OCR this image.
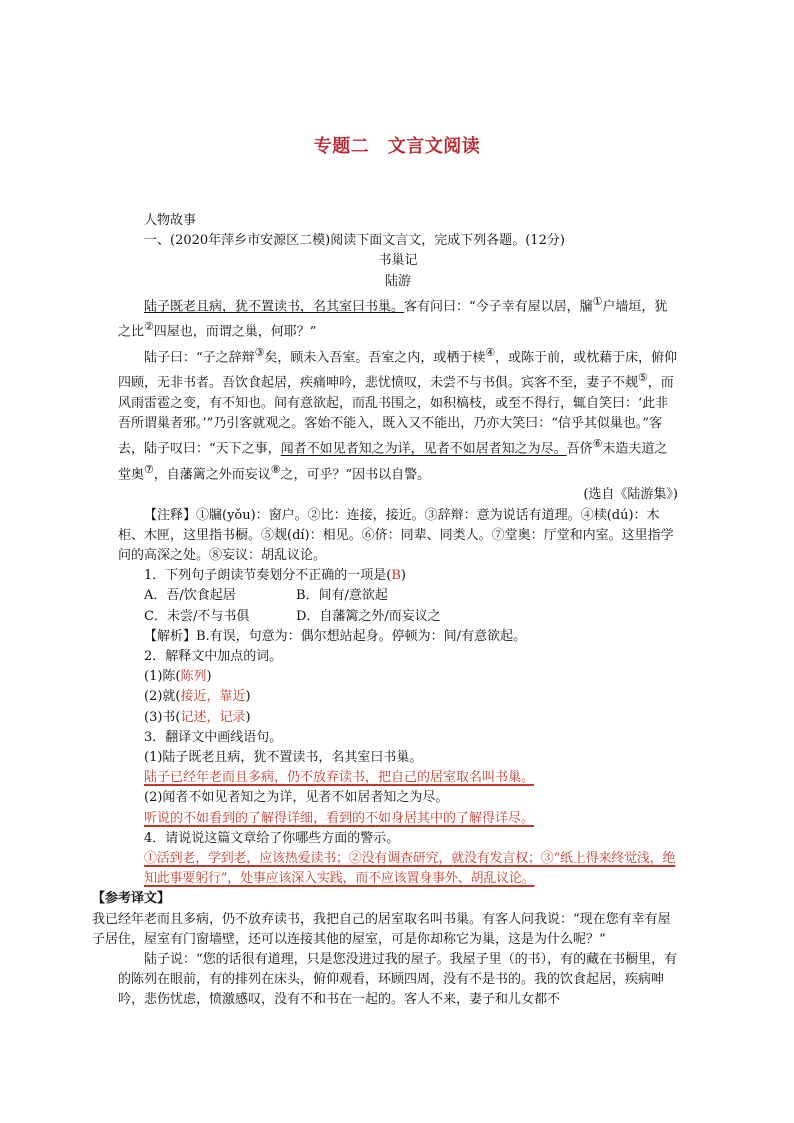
专题二　文言文阅读

人物故事

一、(2020年萍乡市安源区二模)阅读下面文言文，完成下列各题。(12分)

书巢记

陆游

陆子既老且病，犹不置读书，名其室曰书巢。客有问曰：“今子幸有屋以居，牖①户墙垣，犹之比②四屋也，而谓之巢，何耶？”

陆子曰：“子之辞辩③矣，顾未入吾室。吾室之内，或栖于椟④，或陈于前，或枕藉于床，俯仰四顾，无非书者。吾饮食起居，疾痛呻吟，悲忧愤叹，未尝不与书俱。宾客不至，妻子不觌⑤，而风雨雷雹之变，有不知也。间有意欲起，而乱书围之，如积槁枝，或至不得行，辄自笑曰：‘此非吾所谓巢者邪。’”乃引客就观之。客始不能入，既入又不能出，乃亦大笑曰：“信乎其似巢也。”客去，陆子叹曰：“天下之事，闻者不如见者知之为详，见者不如居者知之为尽。吾侪⑥未造夫道之堂奥⑦，自藩篱之外而妄议⑧之，可乎？”因书以自警。

(选自《陆游集》)

【注释】①牖(yǒu)：窗户。②比：连接，接近。③辞辩：意为说话有道理。④椟(dú)：木柜、木匣，这里指书橱。⑤觌(dí)：相见。⑥侪：同辈、同类人。⑦堂奥：厅堂和内室。这里指学问的高深之处。⑧妄议：胡乱议论。

1．下列句子朗读节奏划分不正确的一项是(B)

A．吾/饮食起居	B．间有/意欲起
C．未尝/不与书俱	D．自藩篱之外/而妄议之

【解析】B.有误，句意为：偶尔想站起身。停顿为：间/有意欲起。

2．解释文中加点的词。

(1)陈(陈列)

(2)就(接近，靠近)

(3)书(记述，记录)

3．翻译文中画线语句。

(1)陆子既老且病，犹不置读书，名其室曰书巢。

陆子已经年老而且多病，仍不放弃读书，把自己的居室取名叫书巢。

(2)闻者不如见者知之为详，见者不如居者知之为尽。

听说的不如看到的了解得详细，看到的不如身居其中的了解得详尽。

4．请说说这篇文章给了你哪些方面的警示。

①活到老，学到老，应该热爱读书；②没有调查研究，就没有发言权；③“纸上得来终觉浅，绝知此事要躬行”，处事应该深入实践，而不应该置身事外、胡乱议论。

【参考译文】

我已经年老而且多病，仍不放弃读书，我把自己的居室取名叫书巢。有客人问我说：“现在您有幸有屋子居住，屋室有门窗墙壁，还可以连接其他的屋室，可是你却称它为巢，这是为什么呢？”

陆子说：“您的话很有道理，只是您没进过我的屋子。我屋子里（的书），有的藏在书橱里，有的陈列在眼前，有的排列在床头，俯仰观看，环顾四周，没有不是书的。我的饮食起居，疾病呻吟，悲伤忧虑，愤激感叹，没有不和书在一起的。客人不来，妻子和儿女都不
